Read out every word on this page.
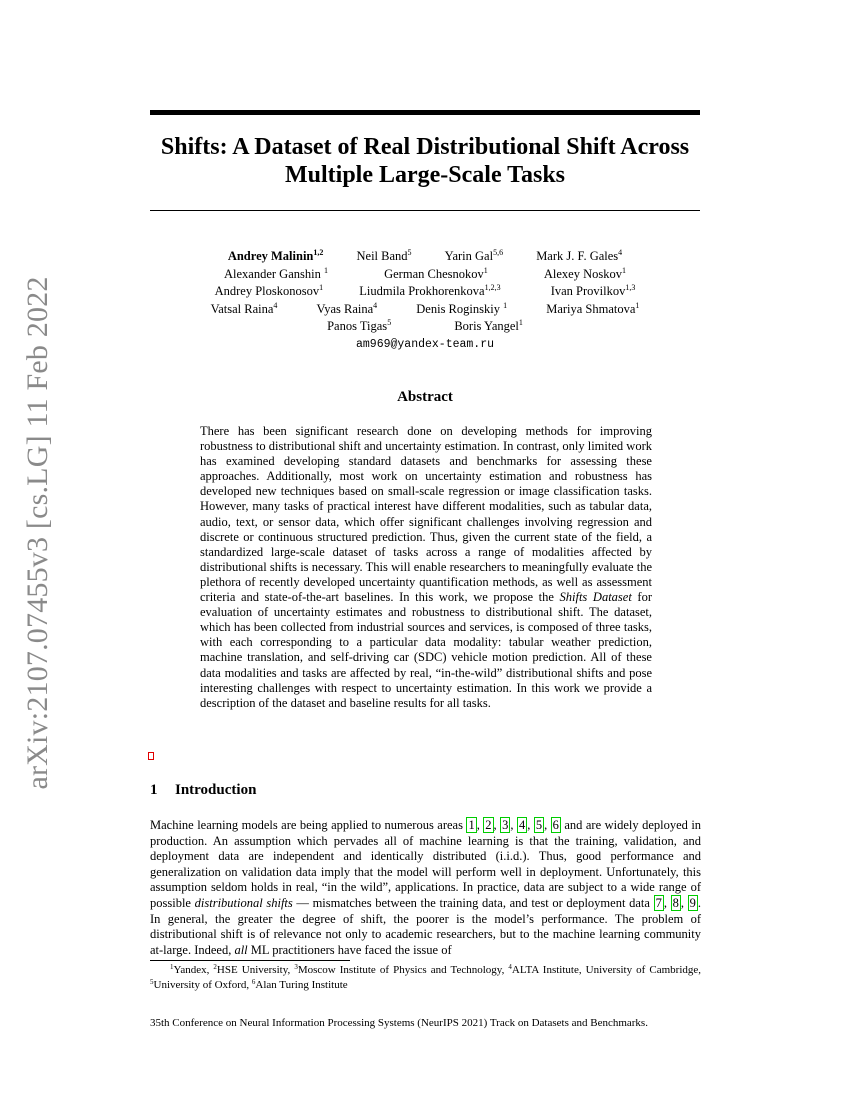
arXiv:2107.07455v3 [cs.LG] 11 Feb 2022
Shifts: A Dataset of Real Distributional Shift Across
Multiple Large-Scale Tasks
Andrey Malinin$^{1,2}$	Neil Band$^5$	Yarin Gal$^{5,6}$	Mark J. F. Gales$^4$
Alexander Ganshin $^1$	German Chesnokov$^1$	Alexey Noskov$^1$
Andrey Ploskonosov$^1$	Liudmila Prokhorenkova$^{1,2,3}$	Ivan Provilkov$^{1,3}$
Vatsal Raina$^4$	Vyas Raina$^4$	Denis Roginskiy $^1$	Mariya Shmatova$^1$
Panos Tigas$^5$	Boris Yangel$^1$
am969@yandex-team.ru
Abstract
There has been significant research done on developing methods for improving robustness to distributional shift and uncertainty estimation. In contrast, only limited work has examined developing standard datasets and benchmarks for assessing these approaches. Additionally, most work on uncertainty estimation and robustness has developed new techniques based on small-scale regression or image classification tasks. However, many tasks of practical interest have different modalities, such as tabular data, audio, text, or sensor data, which offer significant challenges involving regression and discrete or continuous structured prediction. Thus, given the current state of the field, a standardized large-scale dataset of tasks across a range of modalities affected by distributional shifts is necessary. This will enable researchers to meaningfully evaluate the plethora of recently developed uncertainty quantification methods, as well as assessment criteria and state-of-the-art baselines. In this work, we propose the Shifts Dataset for evaluation of uncertainty estimates and robustness to distributional shift. The dataset, which has been collected from industrial sources and services, is composed of three tasks, with each corresponding to a particular data modality: tabular weather prediction, machine translation, and self-driving car (SDC) vehicle motion prediction. All of these data modalities and tasks are affected by real, “in-the-wild” distributional shifts and pose interesting challenges with respect to uncertainty estimation. In this work we provide a description of the dataset and baseline results for all tasks.
1 Introduction
Machine learning models are being applied to numerous areas 1 , 2 , 3 , 4 , 5 , 6 and are widely deployed in production. An assumption which pervades all of machine learning is that the training, validation, and deployment data are independent and identically distributed (i.i.d.). Thus, good performance and generalization on validation data imply that the model will perform well in deployment. Unfortunately, this assumption seldom holds in real, “in the wild”, applications. In practice, data are subject to a wide range of possible distributional shifts — mismatches between the training data, and test or deployment data 7 , 8 , 9 . In general, the greater the degree of shift, the poorer is the model’s performance. The problem of distributional shift is of relevance not only to academic researchers, but to the machine learning community at-large. Indeed, all ML practitioners have faced the issue of
$^1$Yandex, $^2$HSE University, $^3$Moscow Institute of Physics and Technology, $^4$ALTA Institute, University of Cambridge, $^5$University of Oxford, $^6$Alan Turing Institute
35th Conference on Neural Information Processing Systems (NeurIPS 2021) Track on Datasets and Benchmarks.
